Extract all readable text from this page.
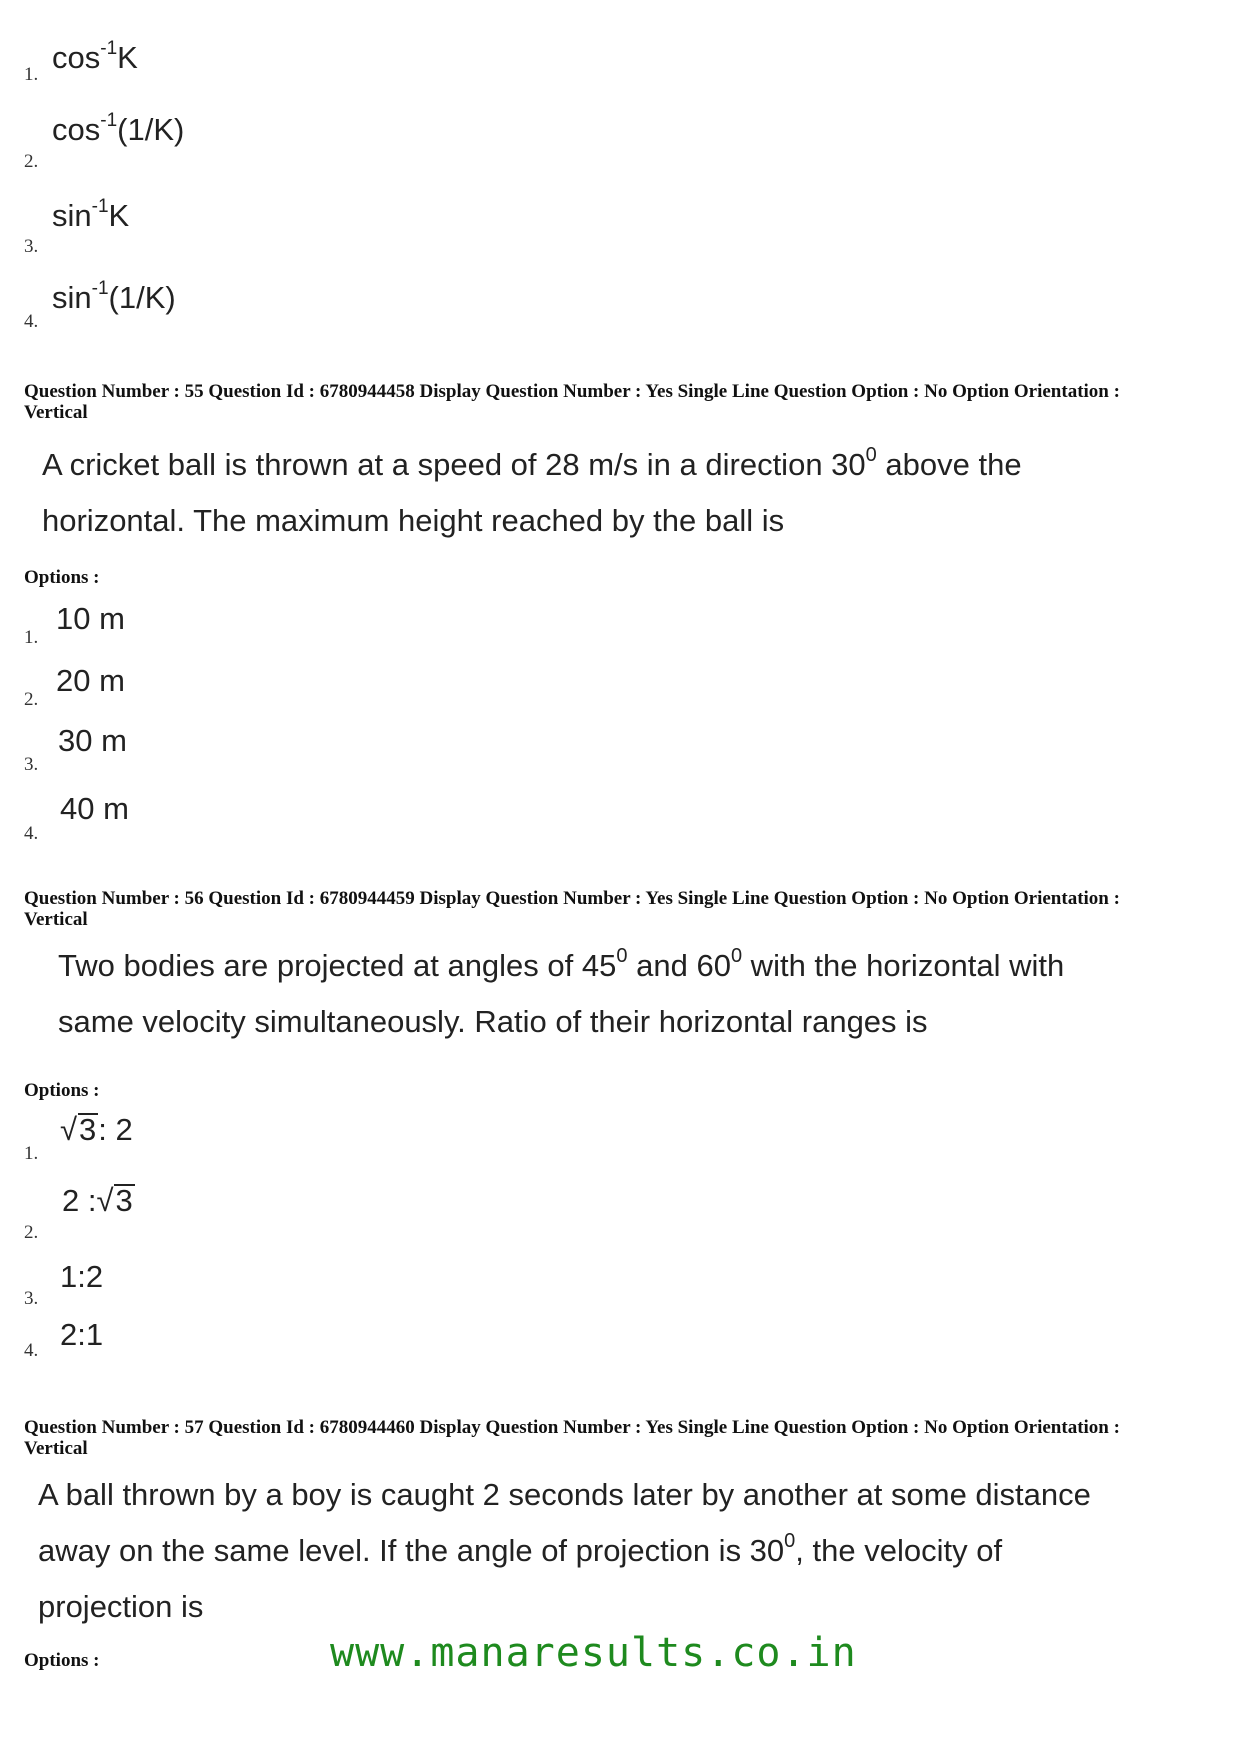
1. $\cos^{-1}K$
2.
$\cos^{-1}(1/K)$
3.
$\sin^{-1}K$
4.
$\sin^{-1}(1/K)$
Question Number : 55 Question Id : 6780944458 Display Question Number : Yes Single Line Question Option : No Option Orientation : Vertical
A cricket ball is thrown at a speed of 28 m/s in a direction $30^0$ above the
horizontal. The maximum height reached by the ball is
Options :
1.
10 m
2.
20 m
3.
30 m
4.
40 m
Question Number : 56 Question Id : 6780944459 Display Question Number : Yes Single Line Question Option : No Option Orientation : Vertical
Two bodies are projected at angles of $45^0$ and $60^0$ with the horizontal with
same velocity simultaneously. Ratio of their horizontal ranges is
Options :
1.
√3: 2
2.
2 :√3
3.
1:2
4. 2:1
Question Number : 57 Question Id : 6780944460 Display Question Number : Yes Single Line Question Option : No Option Orientation : Vertical
A ball thrown by a boy is caught 2 seconds later by another at some distance
away on the same level. If the angle of projection is $30^0$, the velocity of
projection is
Options :	www.manaresults.co.in
